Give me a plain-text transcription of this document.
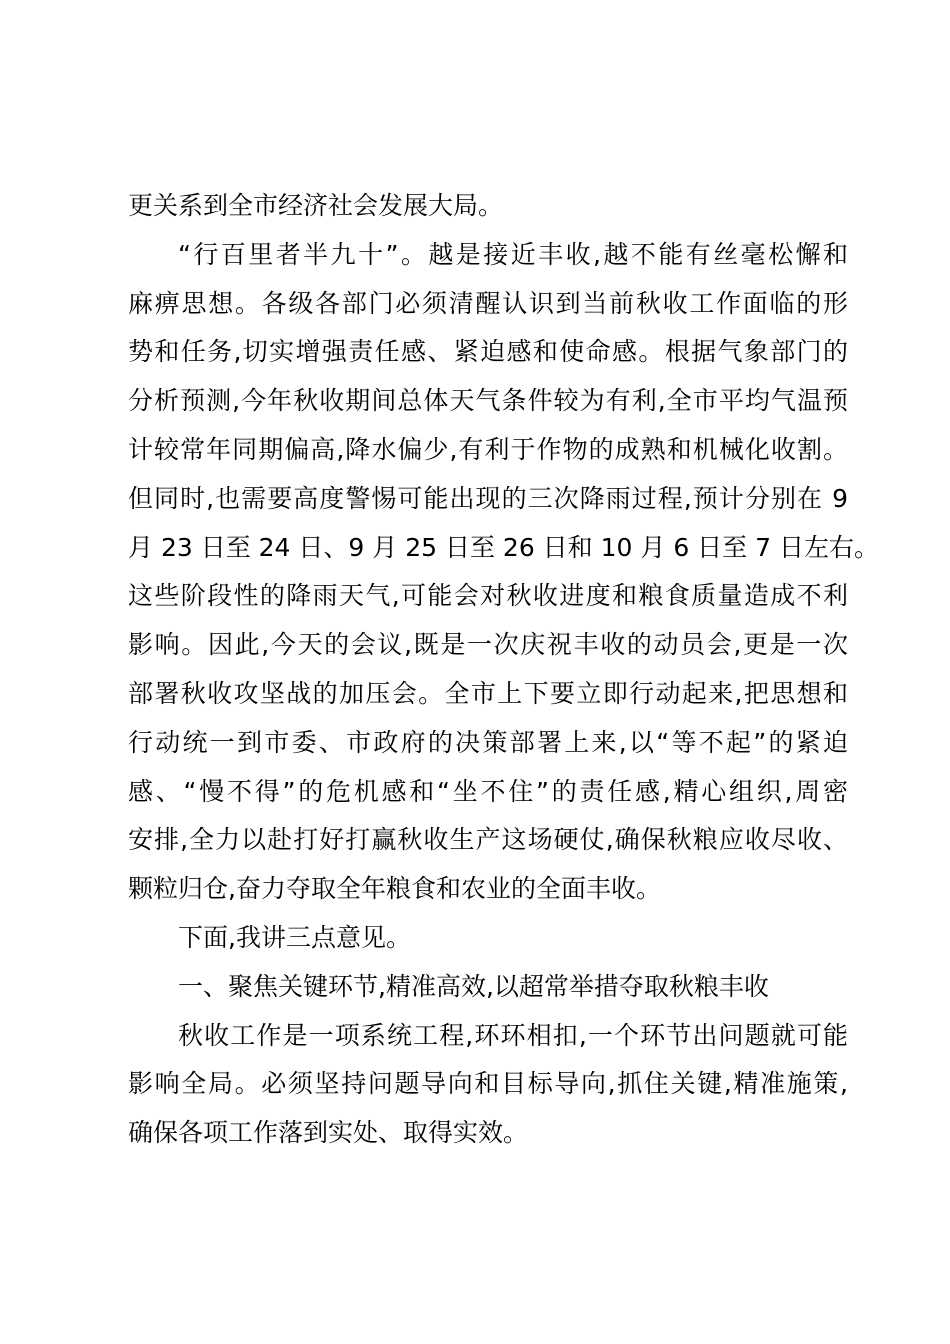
更关系到全市经济社会发展大局。
“行百里者半九十”。越是接近丰收,越不能有丝毫松懈和
麻痹思想。各级各部门必须清醒认识到当前秋收工作面临的形
势和任务,切实增强责任感、紧迫感和使命感。根据气象部门的
分析预测,今年秋收期间总体天气条件较为有利,全市平均气温预
计较常年同期偏高,降水偏少,有利于作物的成熟和机械化收割。
但同时,也需要高度警惕可能出现的三次降雨过程,预计分别在 9
月 23 日至 24 日、9 月 25 日至 26 日和 10 月 6 日至 7 日左右。
这些阶段性的降雨天气,可能会对秋收进度和粮食质量造成不利
影响。因此,今天的会议,既是一次庆祝丰收的动员会,更是一次
部署秋收攻坚战的加压会。全市上下要立即行动起来,把思想和
行动统一到市委、市政府的决策部署上来,以“等不起”的紧迫
感、“慢不得”的危机感和“坐不住”的责任感,精心组织,周密
安排,全力以赴打好打赢秋收生产这场硬仗,确保秋粮应收尽收、
颗粒归仓,奋力夺取全年粮食和农业的全面丰收。
下面,我讲三点意见。
一、聚焦关键环节,精准高效,以超常举措夺取秋粮丰收
秋收工作是一项系统工程,环环相扣,一个环节出问题就可能
影响全局。必须坚持问题导向和目标导向,抓住关键,精准施策,
确保各项工作落到实处、取得实效。
